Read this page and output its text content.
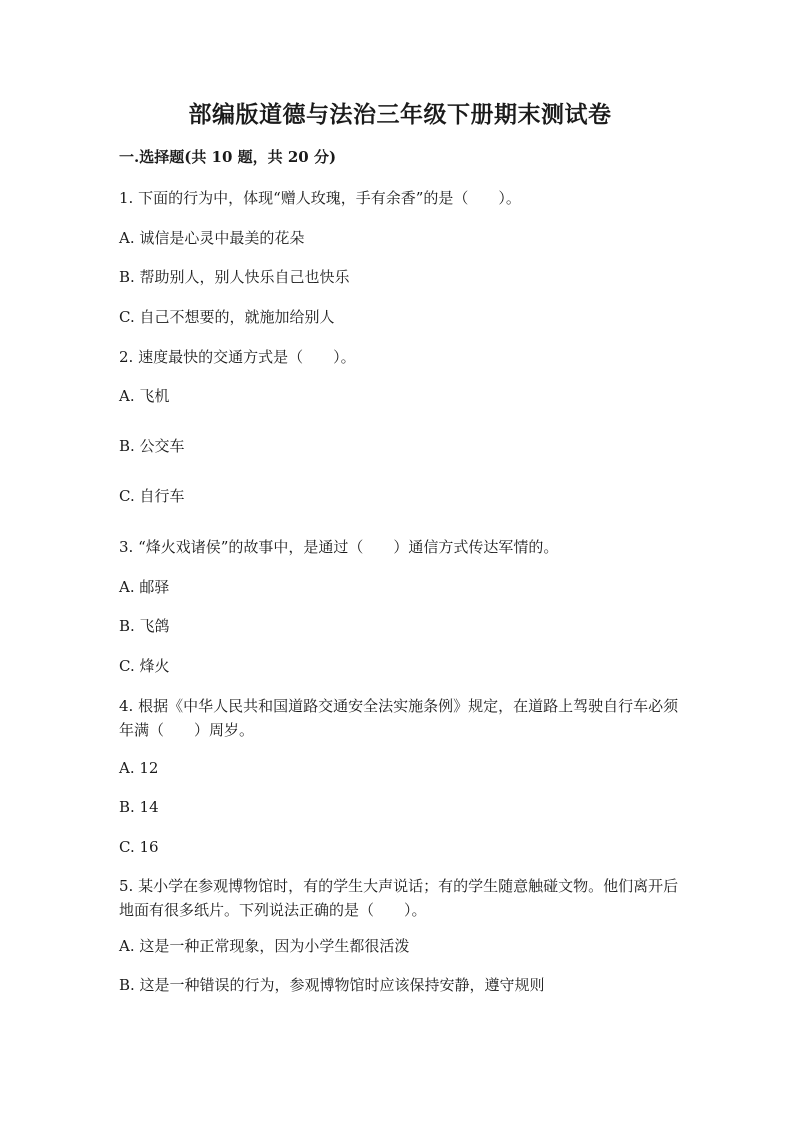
部编版道德与法治三年级下册期末测试卷
一.选择题(共 10 题，共 20 分)
1. 下面的行为中，体现“赠人玫瑰，手有余香”的是（　　）。
A. 诚信是心灵中最美的花朵
B. 帮助别人，别人快乐自己也快乐
C. 自己不想要的，就施加给别人
2. 速度最快的交通方式是（　　）。
A. 飞机
B. 公交车
C. 自行车
3. “烽火戏诸侯”的故事中，是通过（　　）通信方式传达军情的。
A. 邮驿
B. 飞鸽
C. 烽火
4. 根据《中华人民共和国道路交通安全法实施条例》规定，在道路上驾驶自行车必须年满（　　）周岁。
A. 12
B. 14
C. 16
5. 某小学在参观博物馆时，有的学生大声说话；有的学生随意触碰文物。他们离开后地面有很多纸片。下列说法正确的是（　　）。
A. 这是一种正常现象，因为小学生都很活泼
B. 这是一种错误的行为，参观博物馆时应该保持安静，遵守规则
